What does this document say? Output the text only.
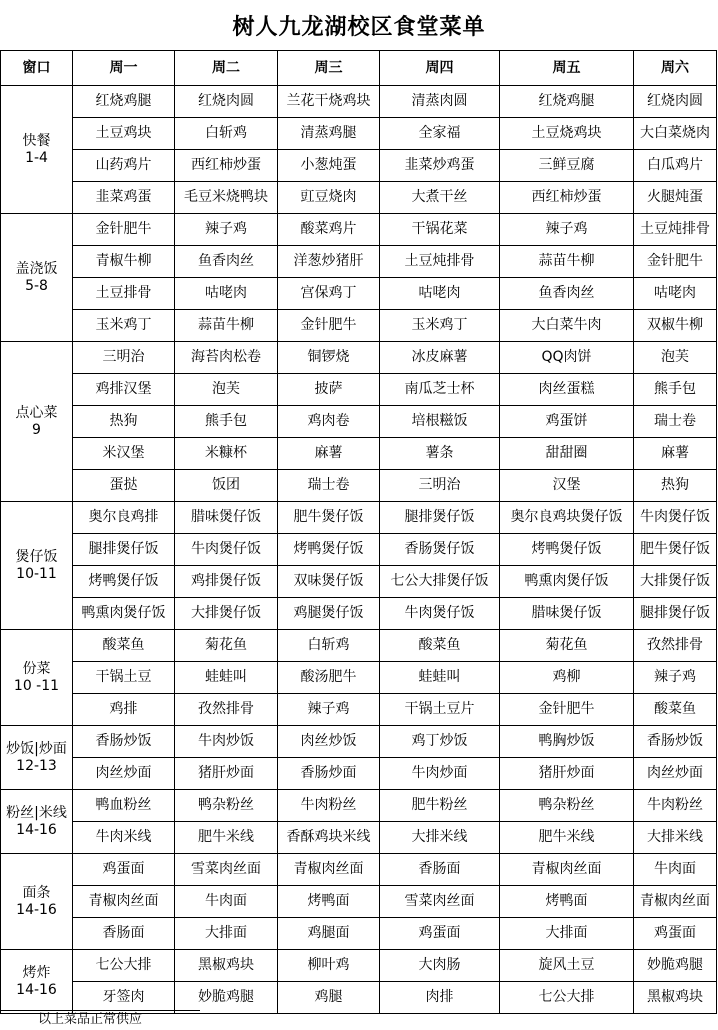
树人九龙湖校区食堂菜单
窗口	周一	周二	周三	周四	周五	周六

快餐
1-4	红烧鸡腿	红烧肉圆	兰花干烧鸡块	清蒸肉圆	红烧鸡腿	红烧肉圆
	土豆鸡块	白斩鸡	清蒸鸡腿	全家福	土豆烧鸡块	大白菜烧肉
	山药鸡片	西红柿炒蛋	小葱炖蛋	韭菜炒鸡蛋	三鲜豆腐	白瓜鸡片
	韭菜鸡蛋	毛豆米烧鸭块	豇豆烧肉	大煮干丝	西红柿炒蛋	火腿炖蛋

盖浇饭
5-8	金针肥牛	辣子鸡	酸菜鸡片	干锅花菜	辣子鸡	土豆炖排骨
	青椒牛柳	鱼香肉丝	洋葱炒猪肝	土豆炖排骨	蒜苗牛柳	金针肥牛
	土豆排骨	咕咾肉	宫保鸡丁	咕咾肉	鱼香肉丝	咕咾肉
	玉米鸡丁	蒜苗牛柳	金针肥牛	玉米鸡丁	大白菜牛肉	双椒牛柳

点心菜
9	三明治	海苔肉松卷	铜锣烧	冰皮麻薯	QQ肉饼	泡芙
	鸡排汉堡	泡芙	披萨	南瓜芝士杯	肉丝蛋糕	熊手包
	热狗	熊手包	鸡肉卷	培根糍饭	鸡蛋饼	瑞士卷
	米汉堡	米糠杯	麻薯	薯条	甜甜圈	麻薯
	蛋挞	饭团	瑞士卷	三明治	汉堡	热狗

煲仔饭
10-11	奥尔良鸡排	腊味煲仔饭	肥牛煲仔饭	腿排煲仔饭	奥尔良鸡块煲仔饭	牛肉煲仔饭
	腿排煲仔饭	牛肉煲仔饭	烤鸭煲仔饭	香肠煲仔饭	烤鸭煲仔饭	肥牛煲仔饭
	烤鸭煲仔饭	鸡排煲仔饭	双味煲仔饭	七公大排煲仔饭	鸭熏肉煲仔饭	大排煲仔饭
	鸭熏肉煲仔饭	大排煲仔饭	鸡腿煲仔饭	牛肉煲仔饭	腊味煲仔饭	腿排煲仔饭

份菜
10 -11	酸菜鱼	菊花鱼	白斩鸡	酸菜鱼	菊花鱼	孜然排骨
	干锅土豆	蛙蛙叫	酸汤肥牛	蛙蛙叫	鸡柳	辣子鸡
	鸡排	孜然排骨	辣子鸡	干锅土豆片	金针肥牛	酸菜鱼

炒饭|炒面
12-13	香肠炒饭	牛肉炒饭	肉丝炒饭	鸡丁炒饭	鸭胸炒饭	香肠炒饭
	肉丝炒面	猪肝炒面	香肠炒面	牛肉炒面	猪肝炒面	肉丝炒面

粉丝|米线
14-16	鸭血粉丝	鸭杂粉丝	牛肉粉丝	肥牛粉丝	鸭杂粉丝	牛肉粉丝
	牛肉米线	肥牛米线	香酥鸡块米线	大排米线	肥牛米线	大排米线

面条
14-16	鸡蛋面	雪菜肉丝面	青椒肉丝面	香肠面	青椒肉丝面	牛肉面
	青椒肉丝面	牛肉面	烤鸭面	雪菜肉丝面	烤鸭面	青椒肉丝面
	香肠面	大排面	鸡腿面	鸡蛋面	大排面	鸡蛋面

烤炸
14-16	七公大排	黑椒鸡块	柳叶鸡	大肉肠	旋风土豆	妙脆鸡腿
	牙签肉	妙脆鸡腿	鸡腿	肉排	七公大排	黑椒鸡块
以上菜品正常供应
